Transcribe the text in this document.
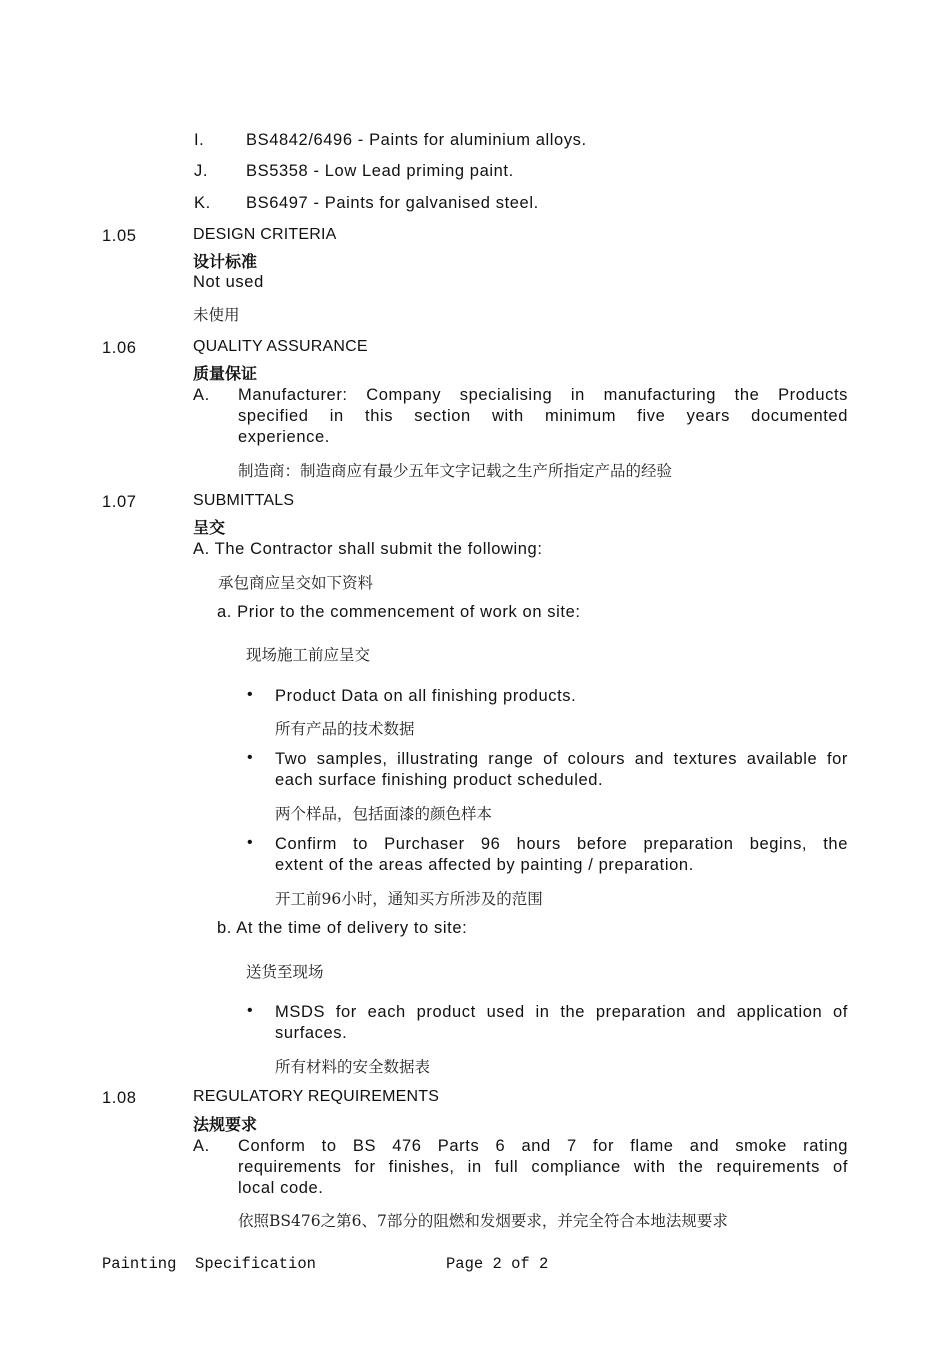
I.	BS4842/6496 - Paints for aluminium alloys.
J. BS5358 - Low Lead priming paint.
K. BS6497 - Paints for galvanised steel.
1.05	DESIGN CRITERIA
设计标准
Not used
未使用
1.06	QUALITY ASSURANCE
质量保证
A. Manufacturer: Company specialising in manufacturing the Products
specified in this section with minimum five years documented
experience.
制造商：制造商应有最少五年文字记载之生产所指定产品的经验
1.07	SUBMITTALS
呈交
A. The Contractor shall submit the following:
承包商应呈交如下资料
a. Prior to the commencement of work on site:
现场施工前应呈交
• Product Data on all finishing products.
所有产品的技术数据
• Two samples, illustrating range of colours and textures available for
each surface finishing product scheduled.
两个样品，包括面漆的颜色样本
• Confirm to Purchaser 96 hours before preparation begins, the
extent of the areas affected by painting / preparation.
开工前96小时，通知买方所涉及的范围
b. At the time of delivery to site:
送货至现场
• MSDS for each product used in the preparation and application of
surfaces.
所有材料的安全数据表
1.08	REGULATORY REQUIREMENTS
法规要求
A. Conform to BS 476 Parts 6 and 7 for flame and smoke rating
requirements for finishes, in full compliance with the requirements of
local code.
依照BS476之第6、7部分的阻燃和发烟要求，并完全符合本地法规要求
Painting  Specification	Page 2 of 2
